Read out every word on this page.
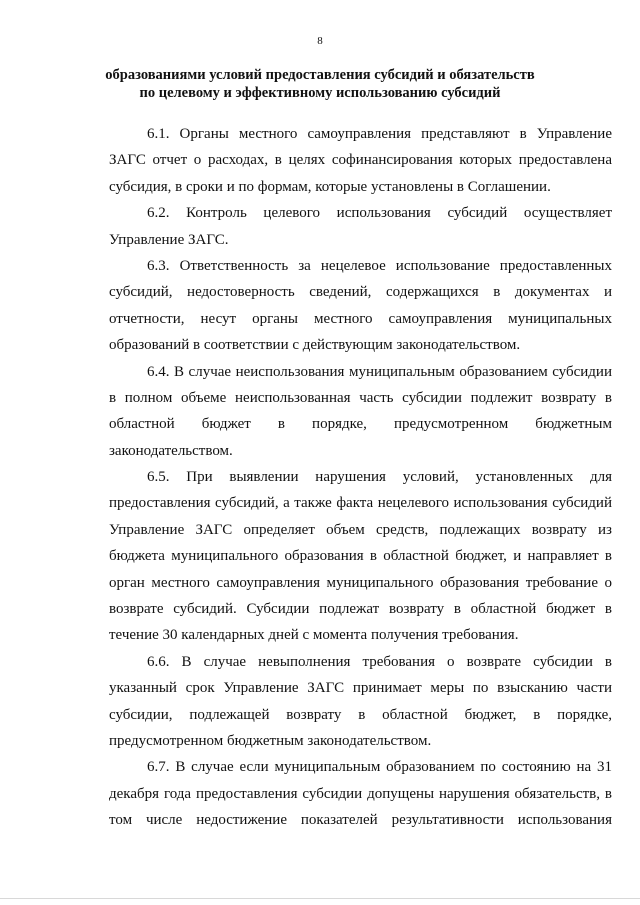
8
образованиями условий предоставления субсидий и обязательств
по целевому и эффективному использованию субсидий
6.1. Органы местного самоуправления представляют в Управление
ЗАГС отчет о расходах, в целях софинансирования которых предоставлена
субсидия, в сроки и по формам, которые установлены в Соглашении.
6.2. Контроль целевого использования субсидий осуществляет
Управление ЗАГС.
6.3. Ответственность за нецелевое использование предоставленных
субсидий, недостоверность сведений, содержащихся в документах и
отчетности, несут органы местного самоуправления муниципальных
образований в соответствии с действующим законодательством.
6.4. В случае неиспользования муниципальным образованием субсидии
в полном объеме неиспользованная часть субсидии подлежит возврату в
областной бюджет в порядке, предусмотренном бюджетным
законодательством.
6.5. При выявлении нарушения условий, установленных для
предоставления субсидий, а также факта нецелевого использования субсидий
Управление ЗАГС определяет объем средств, подлежащих возврату из
бюджета муниципального образования в областной бюджет, и направляет в
орган местного самоуправления муниципального образования требование о
возврате субсидий. Субсидии подлежат возврату в областной бюджет в
течение 30 календарных дней с момента получения требования.
6.6. В случае невыполнения требования о возврате субсидии в
указанный срок Управление ЗАГС принимает меры по взысканию части
субсидии, подлежащей возврату в областной бюджет, в порядке,
предусмотренном бюджетным законодательством.
6.7. В случае если муниципальным образованием по состоянию на 31
декабря года предоставления субсидии допущены нарушения обязательств, в
том числе недостижение показателей результативности использования
